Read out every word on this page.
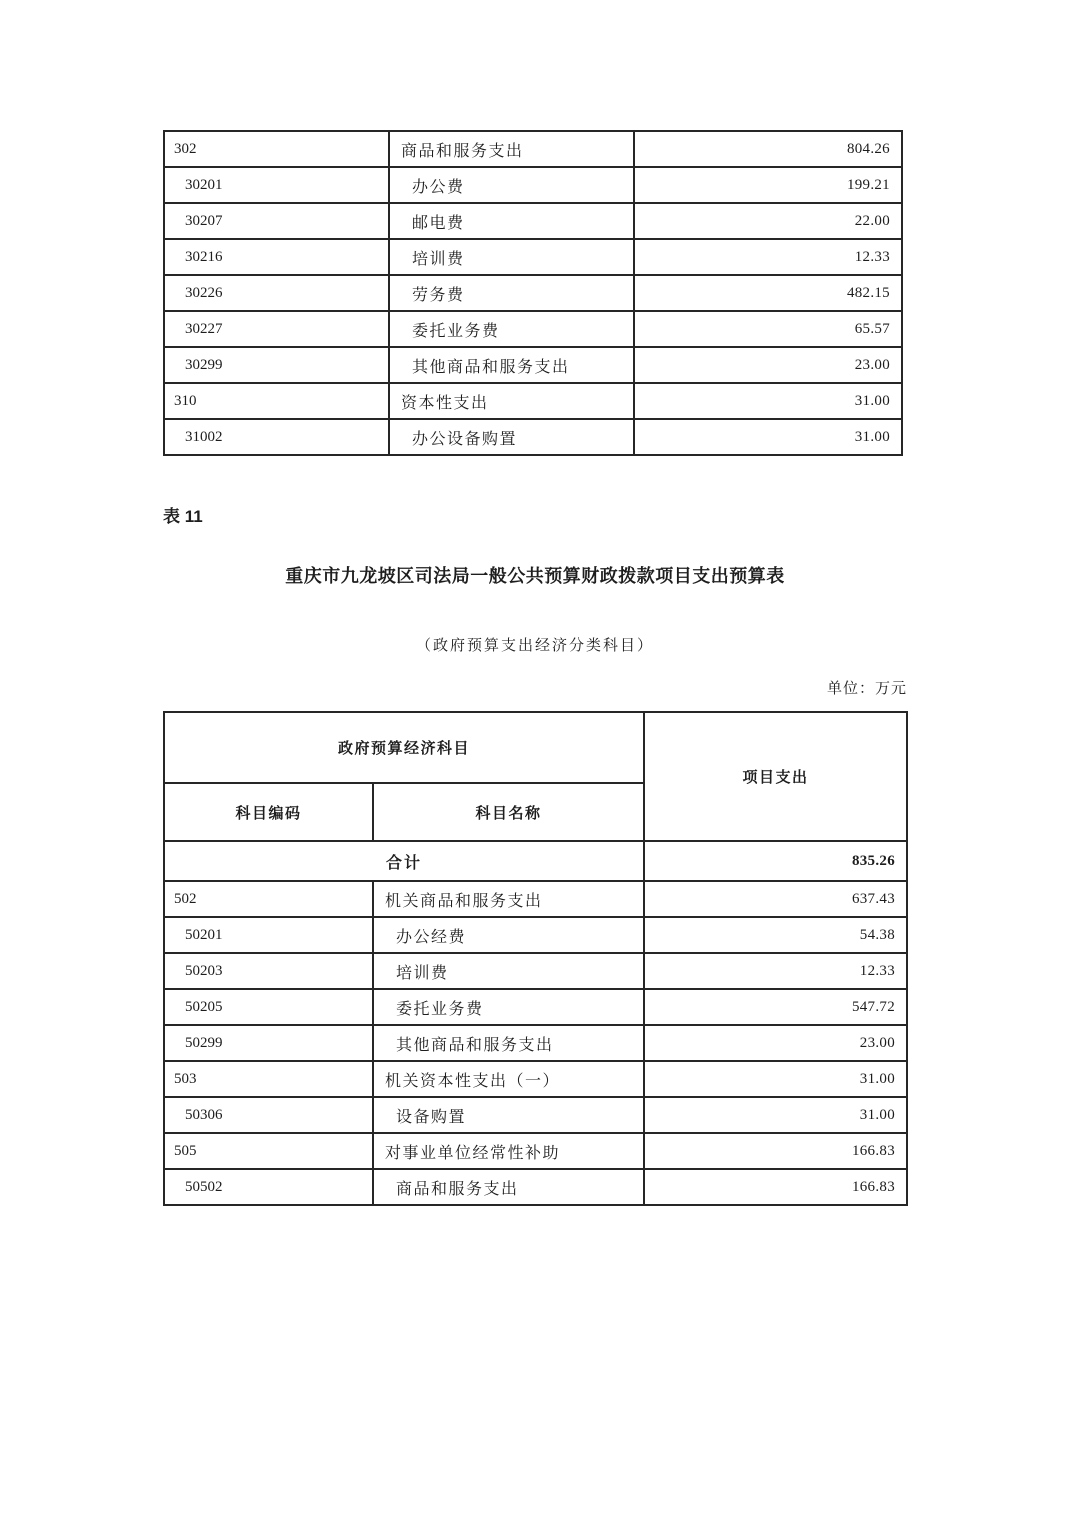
302	商品和服务支出	804.26
30201	办公费	199.21
30207	邮电费	22.00
30216	培训费	12.33
30226	劳务费	482.15
30227	委托业务费	65.57
30299	其他商品和服务支出	23.00
310	资本性支出	31.00
31002	办公设备购置	31.00
表 11
重庆市九龙坡区司法局一般公共预算财政拨款项目支出预算表
（政府预算支出经济分类科目）
单位：万元
政府预算经济科目		项目支出
科目编码	科目名称	
合计		835.26
502	机关商品和服务支出	637.43
50201	办公经费	54.38
50203	培训费	12.33
50205	委托业务费	547.72
50299	其他商品和服务支出	23.00
503	机关资本性支出（一）	31.00
50306	设备购置	31.00
505	对事业单位经常性补助	166.83
50502	商品和服务支出	166.83
